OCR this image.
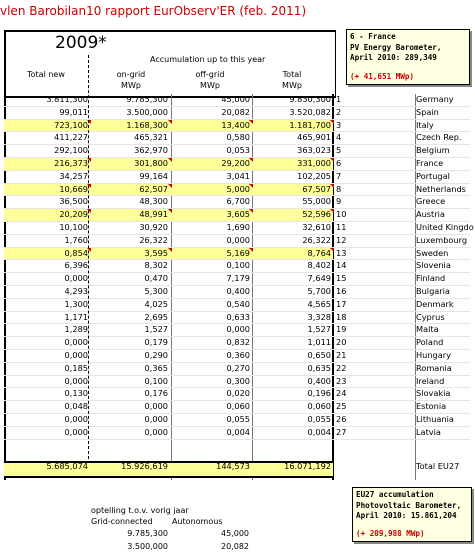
vlen Barobilan10 rapport EurObserv'ER (feb. 2011)
2009*
Accumulation up to this year
Total new	on-grid
MWp
off-grid
MWp
Total
MWp
3.811,300	9.785,300	45,000	9.830,300 1	Germany
99,011	3.500,000	20,082	3.520,082 2	Spain
723,100	1.168,300	13,400	1.181,700 3	Italy
411,227	465,321	0,580	465,901 4	Czech Rep.
292,100	362,970	0,053	363,023 5	Belgium
216,373	301,800	29,200	331,000 6	France
34,257	99,164	3,041	102,205 7	Portugal
10,669	62,507	5,000	67,507 8	Netherlands
36,500	48,300	6,700	55,000 9	Greece
20,209	48,991	3,605	52,596 10	Austria
10,100	30,920	1,690	32,610 11	United Kingdo
1,760	26,322	0,000	26,322 12	Luxembourg
0,854	3,595	5,169	8,764 13	Sweden
6,396	8,302	0,100	8,402 14	Slovenia
0,000	0,470	7,179	7,649 15	Finland
4,293	5,300	0,400	5,700 16	Bulgaria
1,300	4,025	0,540	4,565 17	Denmark
1,171	2,695	0,633	3,328 18	Cyprus
1,289	1,527	0,000	1,527 19	Malta
0,000	0,179	0,832	1,011 20	Poland
0,000	0,290	0,360	0,650 21	Hungary
0,185	0,365	0,270	0,635 22	Romania
0,000	0,100	0,300	0,400 23	Ireland
0,130	0,176	0,020	0,196 24	Slovakia
0,048	0,000	0,060	0,060 25	Estonia
0,000	0,000	0,055	0,055 26	Lithuania
0,000	0,000	0,004	0,004 27	Latvia
5.685,074	15.926,619	144,573	16.071,192	Total EU27
6 - France
PV Energy Barometer,
April 2010: 289,349
(+ 41,651 MWp)
EU27 accumulation
Photovoltaic Barometer,
April 2010: 15.861,204
(+ 209,988 MWp)
optelling t.o.v. vorig jaar
Grid-connected Autonomous
9.785,300	45,000
3.500,000	20,082
